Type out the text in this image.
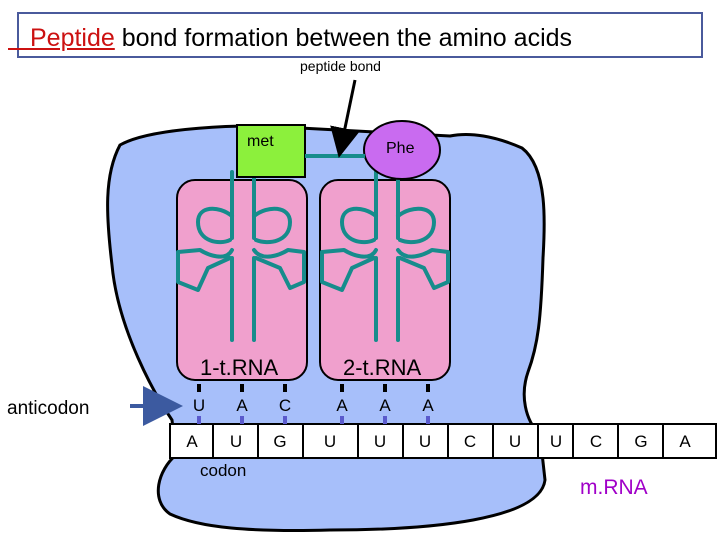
Peptide bond formation between the amino acids
peptide bond
met	Phe
1-t.RNA	2-t.RNA
U A C	A A A
anticodon
A U G U U U C U U C G A
codon
m.RNA
